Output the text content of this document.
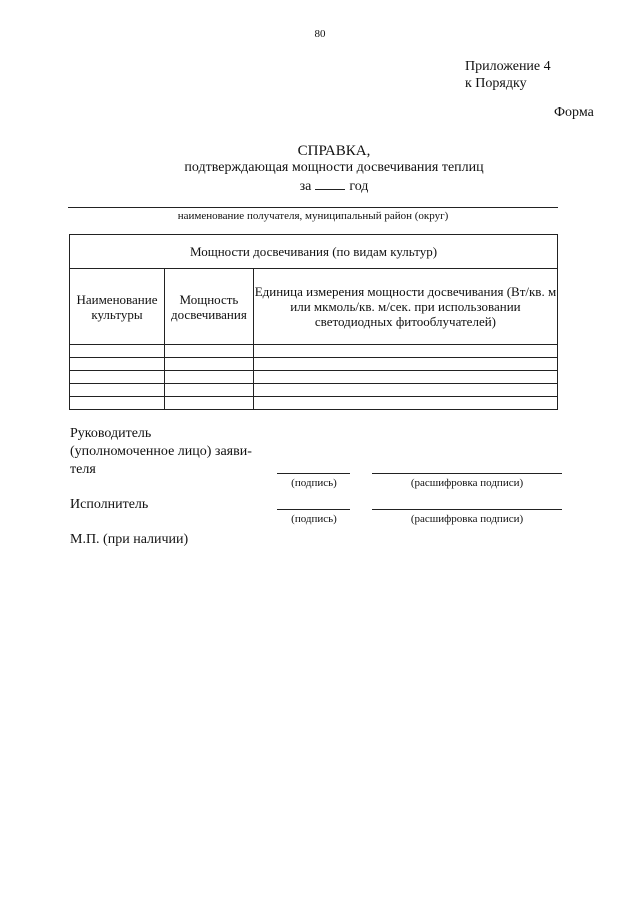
80
Приложение 4
к Порядку
Форма
СПРАВКА,
подтверждающая мощности досвечивания теплиц
за	год
наименование получателя, муниципальный район (округ)
Мощности досвечивания (по видам культур)		
Наименование культуры	Мощность досвечивания	Единица измерения мощности досвечивания (Вт/кв. м или мкмоль/кв. м/сек. при использовании светодиодных фитооблучателей)

Руководитель
(уполномоченное лицо) заяви-
теля
(подпись)	(расшифровка подписи)
Исполнитель
(подпись)	(расшифровка подписи)
М.П. (при наличии)
